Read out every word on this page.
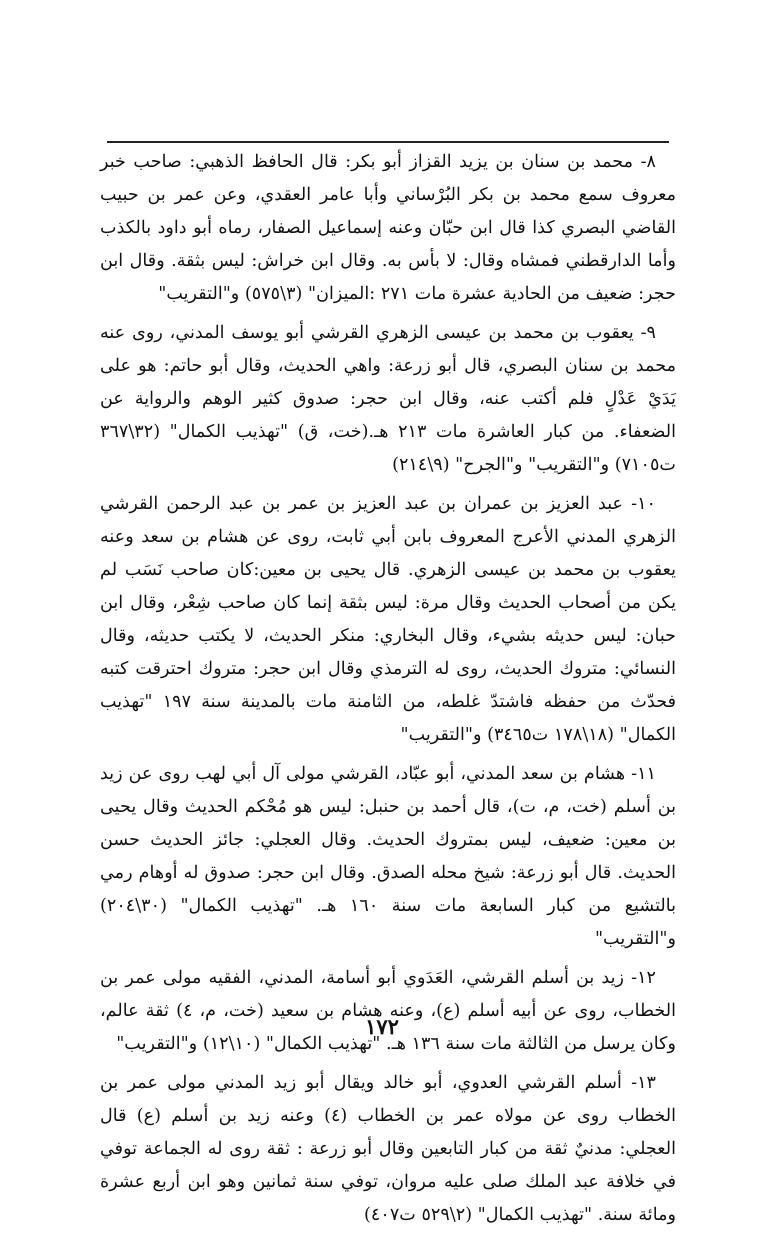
٨- محمد بن سنان بن يزيد القزاز أبو بكر: قال الحافظ الذهبي: صاحب خبر معروف سمع محمد بن بكر البُرْساني وأبا عامر العقدي، وعن عمر بن حبيب القاضي البصري كذا قال ابن حبّان وعنه إسماعيل الصفار، رماه أبو داود بالكذب وأما الدارقطني فمشاه وقال: لا بأس به. وقال ابن خراش: ليس بثقة. وقال ابن حجر: ضعيف من الحادية عشرة مات ٢٧١ :الميزان" (٣\٥٧٥) و"التقريب"

٩- يعقوب بن محمد بن عيسى الزهري القرشي أبو يوسف المدني، روى عنه محمد بن سنان البصري، قال أبو زرعة: واهي الحديث، وقال أبو حاتم: هو على يَدَيْ عَدْلٍ فلم أكتب عنه، وقال ابن حجر: صدوق كثير الوهم والرواية عن الضعفاء. من كبار العاشرة مات ٢١٣ هـ.(خت، ق) "تهذيب الكمال" (٣٢\٣٦٧ ت٧١٠٥) و"التقريب" و"الجرح" (٩\٢١٤)

١٠- عبد العزيز بن عمران بن عبد العزيز بن عمر بن عبد الرحمن القرشي الزهري المدني الأعرج المعروف بابن أبي ثابت، روى عن هشام بن سعد وعنه يعقوب بن محمد بن عيسى الزهري. قال يحيى بن معين:كان صاحب نَسَب لم يكن من أصحاب الحديث وقال مرة: ليس بثقة إنما كان صاحب شِعْر، وقال ابن حبان: ليس حديثه بشيء، وقال البخاري: منكر الحديث، لا يكتب حديثه، وقال النسائي: متروك الحديث، روى له الترمذي وقال ابن حجر: متروك احترقت كتبه فحدّث من حفظه فاشتدّ غلطه، من الثامنة مات بالمدينة سنة ١٩٧ "تهذيب الكمال" (١٨\١٧٨ ت٣٤٦٥) و"التقريب"

١١- هشام بن سعد المدني، أبو عبّاد، القرشي مولى آل أبي لهب روى عن زيد بن أسلم (خت، م، ت)، قال أحمد بن حنبل: ليس هو مُحْكم الحديث وقال يحيى بن معين: ضعيف، ليس بمتروك الحديث. وقال العجلي: جائز الحديث حسن الحديث. قال أبو زرعة: شيخ محله الصدق. وقال ابن حجر: صدوق له أوهام رمي بالتشيع من كبار السابعة مات سنة ١٦٠ هـ. "تهذيب الكمال" (٣٠\٢٠٤) و"التقريب"

١٢- زيد بن أسلم القرشي، العَدَوي أبو أسامة، المدني، الفقيه مولى عمر بن الخطاب، روى عن أبيه أسلم (ع)، وعنه هشام بن سعيد (خت، م، ٤) ثقة عالم، وكان يرسل من الثالثة مات سنة ١٣٦ هـ. "تهذيب الكمال" (١٠\١٢) و"التقريب"

١٣- أسلم القرشي العدوي، أبو خالد ويقال أبو زيد المدني مولى عمر بن الخطاب روى عن مولاه عمر بن الخطاب (٤) وعنه زيد بن أسلم (ع) قال العجلي: مدنيٌ ثقة من كبار التابعين وقال أبو زرعة : ثقة روى له الجماعة توفي في خلافة عبد الملك صلى عليه مروان، توفي سنة ثمانين وهو ابن أربع عشرة ومائة سنة. "تهذيب الكمال" (٢\٥٢٩ ت٤٠٧)

١٧٢
